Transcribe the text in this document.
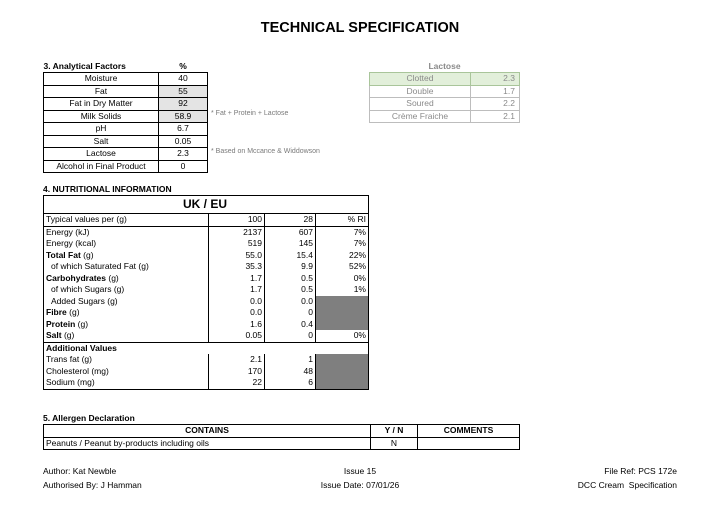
TECHNICAL SPECIFICATION
3. Analytical Factors	%
Moisture	40
Fat	55
Fat in Dry Matter	92
Milk Solids	58.9
pH	6.7
Salt	0.05
Lactose	2.3
Alcohol in Final Product	0
* Fat + Protein + Lactose
* Based on Mccance & Widdowson
Lactose	
Clotted	2.3
Double	1.7
Soured	2.2
Crème Fraiche	2.1
4. NUTRITIONAL INFORMATION
UK / EU			
Typical values per (g)	100	28	% RI
Energy (kJ)	2137	607	7%
Energy (kcal)	519	145	7%
Total Fat (g)	55.0	15.4	22%
of which Saturated Fat (g)	35.3	9.9	52%
Carbohydrates (g)	1.7	0.5	0%
of which Sugars (g)	1.7	0.5	1%
Added Sugars (g)	0.0	0.0	
Fibre (g)	0.0	0	
Protein (g)	1.6	0.4	
Salt (g)	0.05	0	0%
Additional Values			
Trans fat (g)	2.1	1	
Cholesterol (mg)	170	48	
Sodium (mg)	22	6	
5. Allergen Declaration
CONTAINS	Y / N	COMMENTS
Peanuts / Peanut by-products including oils	N	
Author: Kat Newble
Authorised By: J Hamman
Issue 15
Issue Date: 07/01/26
File Ref: PCS 172e
DCC Cream  Specification
